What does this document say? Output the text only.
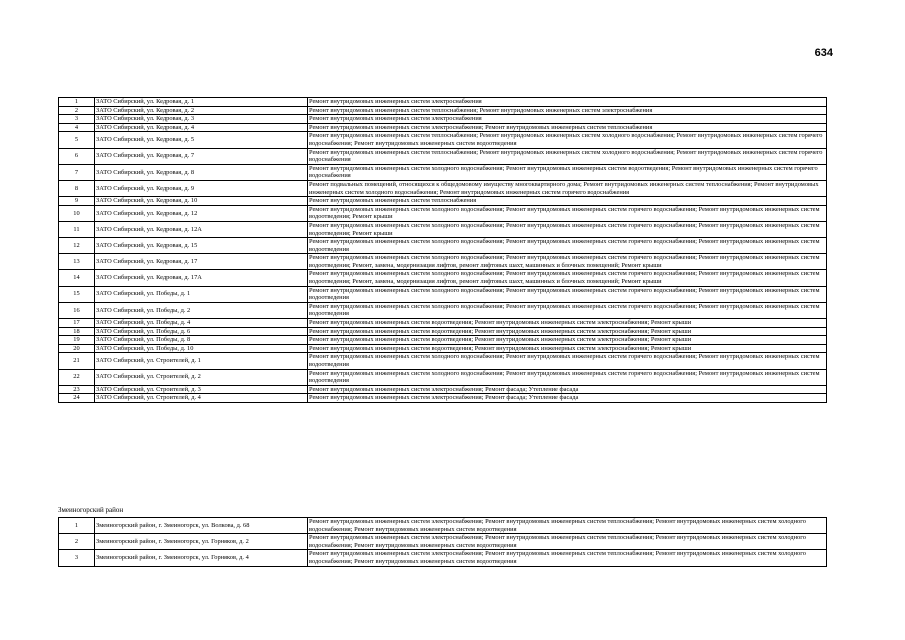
634
1	ЗАТО Сибирский, ул. Кедровая, д. 1	Ремонт внутридомовых инженерных систем электроснабжения
2	ЗАТО Сибирский, ул. Кедровая, д. 2	Ремонт внутридомовых инженерных систем теплоснабжения; Ремонт внутридомовых инженерных систем электроснабжения
3	ЗАТО Сибирский, ул. Кедровая, д. 3	Ремонт внутридомовых инженерных систем электроснабжения
4	ЗАТО Сибирский, ул. Кедровая, д. 4	Ремонт внутридомовых инженерных систем электроснабжения; Ремонт внутридомовых инженерных систем теплоснабжения
5	ЗАТО Сибирский, ул. Кедровая, д. 5	Ремонт внутридомовых инженерных систем теплоснабжения; Ремонт внутридомовых инженерных систем холодного водоснабжения; Ремонт внутридомовых инженерных систем горячего водоснабжения; Ремонт внутридомовых инженерных систем водоотведения
6	ЗАТО Сибирский, ул. Кедровая, д. 7	Ремонт внутридомовых инженерных систем теплоснабжения; Ремонт внутридомовых инженерных систем холодного водоснабжения; Ремонт внутридомовых инженерных систем горячего водоснабжения
7	ЗАТО Сибирский, ул. Кедровая, д. 8	Ремонт внутридомовых инженерных систем холодного водоснабжения; Ремонт внутридомовых инженерных систем водоотведения; Ремонт внутридомовых инженерных систем горячего водоснабжения
8	ЗАТО Сибирский, ул. Кедровая, д. 9	Ремонт подвальных помещений, относящихся к общедомовому имуществу многоквартирного дома; Ремонт внутридомовых инженерных систем теплоснабжения; Ремонт внутридомовых инженерных систем холодного водоснабжения; Ремонт внутридомовых инженерных систем горячего водоснабжения
9	ЗАТО Сибирский, ул. Кедровая, д. 10	Ремонт внутридомовых инженерных систем теплоснабжения
10	ЗАТО Сибирский, ул. Кедровая, д. 12	Ремонт внутридомовых инженерных систем холодного водоснабжения; Ремонт внутридомовых инженерных систем горячего водоснабжения; Ремонт внутридомовых инженерных систем водоотведения; Ремонт крыши
11	ЗАТО Сибирский, ул. Кедровая, д. 12А	Ремонт внутридомовых инженерных систем холодного водоснабжения; Ремонт внутридомовых инженерных систем горячего водоснабжения; Ремонт внутридомовых инженерных систем водоотведения; Ремонт крыши
12	ЗАТО Сибирский, ул. Кедровая, д. 15	Ремонт внутридомовых инженерных систем холодного водоснабжения; Ремонт внутридомовых инженерных систем горячего водоснабжения; Ремонт внутридомовых инженерных систем водоотведения
13	ЗАТО Сибирский, ул. Кедровая, д. 17	Ремонт внутридомовых инженерных систем холодного водоснабжения; Ремонт внутридомовых инженерных систем горячего водоснабжения; Ремонт внутридомовых инженерных систем водоотведения; Ремонт, замена, модернизация лифтов, ремонт лифтовых шахт, машинных и блочных помещений; Ремонт крыши
14	ЗАТО Сибирский, ул. Кедровая, д. 17А	Ремонт внутридомовых инженерных систем холодного водоснабжения; Ремонт внутридомовых инженерных систем горячего водоснабжения; Ремонт внутридомовых инженерных систем водоотведения; Ремонт, замена, модернизация лифтов, ремонт лифтовых шахт, машинных и блочных помещений; Ремонт крыши
15	ЗАТО Сибирский, ул. Победы, д. 1	Ремонт внутридомовых инженерных систем холодного водоснабжения; Ремонт внутридомовых инженерных систем горячего водоснабжения; Ремонт внутридомовых инженерных систем водоотведения
16	ЗАТО Сибирский, ул. Победы, д. 2	Ремонт внутридомовых инженерных систем холодного водоснабжения; Ремонт внутридомовых инженерных систем горячего водоснабжения; Ремонт внутридомовых инженерных систем водоотведения
17	ЗАТО Сибирский, ул. Победы, д. 4	Ремонт внутридомовых инженерных систем водоотведения; Ремонт внутридомовых инженерных систем электроснабжения; Ремонт крыши
18	ЗАТО Сибирский, ул. Победы, д. 6	Ремонт внутридомовых инженерных систем водоотведения; Ремонт внутридомовых инженерных систем электроснабжения; Ремонт крыши
19	ЗАТО Сибирский, ул. Победы, д. 8	Ремонт внутридомовых инженерных систем водоотведения; Ремонт внутридомовых инженерных систем электроснабжения; Ремонт крыши
20	ЗАТО Сибирский, ул. Победы, д. 10	Ремонт внутридомовых инженерных систем водоотведения; Ремонт внутридомовых инженерных систем электроснабжения; Ремонт крыши
21	ЗАТО Сибирский, ул. Строителей, д. 1	Ремонт внутридомовых инженерных систем холодного водоснабжения; Ремонт внутридомовых инженерных систем горячего водоснабжения; Ремонт внутридомовых инженерных систем водоотведения
22	ЗАТО Сибирский, ул. Строителей, д. 2	Ремонт внутридомовых инженерных систем холодного водоснабжения; Ремонт внутридомовых инженерных систем горячего водоснабжения; Ремонт внутридомовых инженерных систем водоотведения
23	ЗАТО Сибирский, ул. Строителей, д. 3	Ремонт внутридомовых инженерных систем электроснабжения; Ремонт фасада; Утепление фасада
24	ЗАТО Сибирский, ул. Строителей, д. 4	Ремонт внутридомовых инженерных систем электроснабжения; Ремонт фасада; Утепление фасада
Змеиногорский район
1	Змеиногорский район, г. Змеиногорск, ул. Волкова, д. 68	Ремонт внутридомовых инженерных систем электроснабжения; Ремонт внутридомовых инженерных систем теплоснабжения; Ремонт внутридомовых инженерных систем холодного водоснабжения; Ремонт внутридомовых инженерных систем водоотведения
2	Змеиногорский район, г. Змеиногорск, ул. Горняков, д. 2	Ремонт внутридомовых инженерных систем электроснабжения; Ремонт внутридомовых инженерных систем теплоснабжения; Ремонт внутридомовых инженерных систем холодного водоснабжения; Ремонт внутридомовых инженерных систем водоотведения
3	Змеиногорский район, г. Змеиногорск, ул. Горняков, д. 4	Ремонт внутридомовых инженерных систем электроснабжения; Ремонт внутридомовых инженерных систем теплоснабжения; Ремонт внутридомовых инженерных систем холодного водоснабжения; Ремонт внутридомовых инженерных систем водоотведения
